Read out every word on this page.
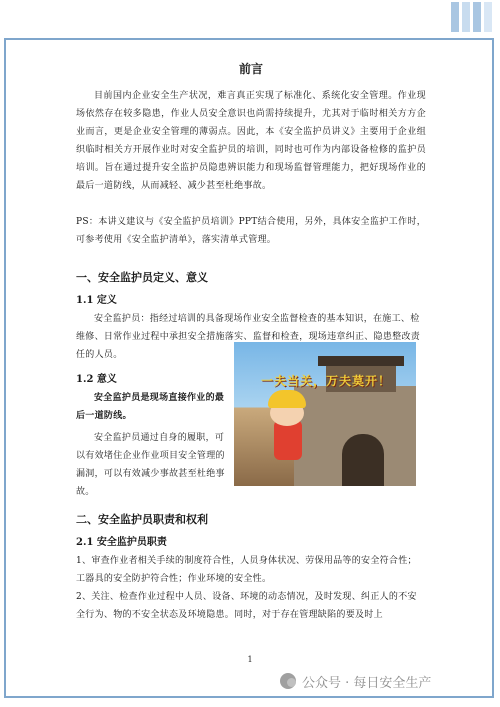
前言

目前国内企业安全生产状况，难言真正实现了标准化、系统化安全管理。作业现场依然存在较多隐患，作业人员安全意识也尚需持续提升，尤其对于临时相关方方企业而言，更是企业安全管理的薄弱点。因此，本《安全监护员讲义》主要用于企业组织临时相关方开展作业时对安全监护员的培训，同时也可作为内部设备检修的监护员培训。旨在通过提升安全监护员隐患辨识能力和现场监督管理能力，把好现场作业的最后一道防线，从而减轻、减少甚至杜绝事故。

PS：本讲义建议与《安全监护员培训》PPT结合使用，另外，具体安全监护工作时，可参考使用《安全监护清单》，落实清单式管理。

一、安全监护员定义、意义
1.1 定义

安全监护员：指经过培训的具备现场作业安全监督检查的基本知识，在施工、检维修、日常作业过程中承担安全措施落实、监督和检查，现场违章纠正、隐患整改责任的人员。

1.2 意义

安全监护员是现场直接作业的最后一道防线。

安全监护员通过自身的履职，可以有效堵住企业作业项目安全管理的漏洞，可以有效减少事故甚至杜绝事故。

二、安全监护员职责和权利
2.1 安全监护员职责

1、审查作业者相关手续的制度符合性，人员身体状况、劳保用品等的安全符合性；工器具的安全防护符合性；作业环境的安全性。

2、关注、检查作业过程中人员、设备、环境的动态情况，及时发现、纠正人的不安全行为、物的不安全状态及环境隐患。同时，对于存在管理缺陷的要及时上

一夫当关，万夫莫开！
1
公众号 · 每日安全生产
